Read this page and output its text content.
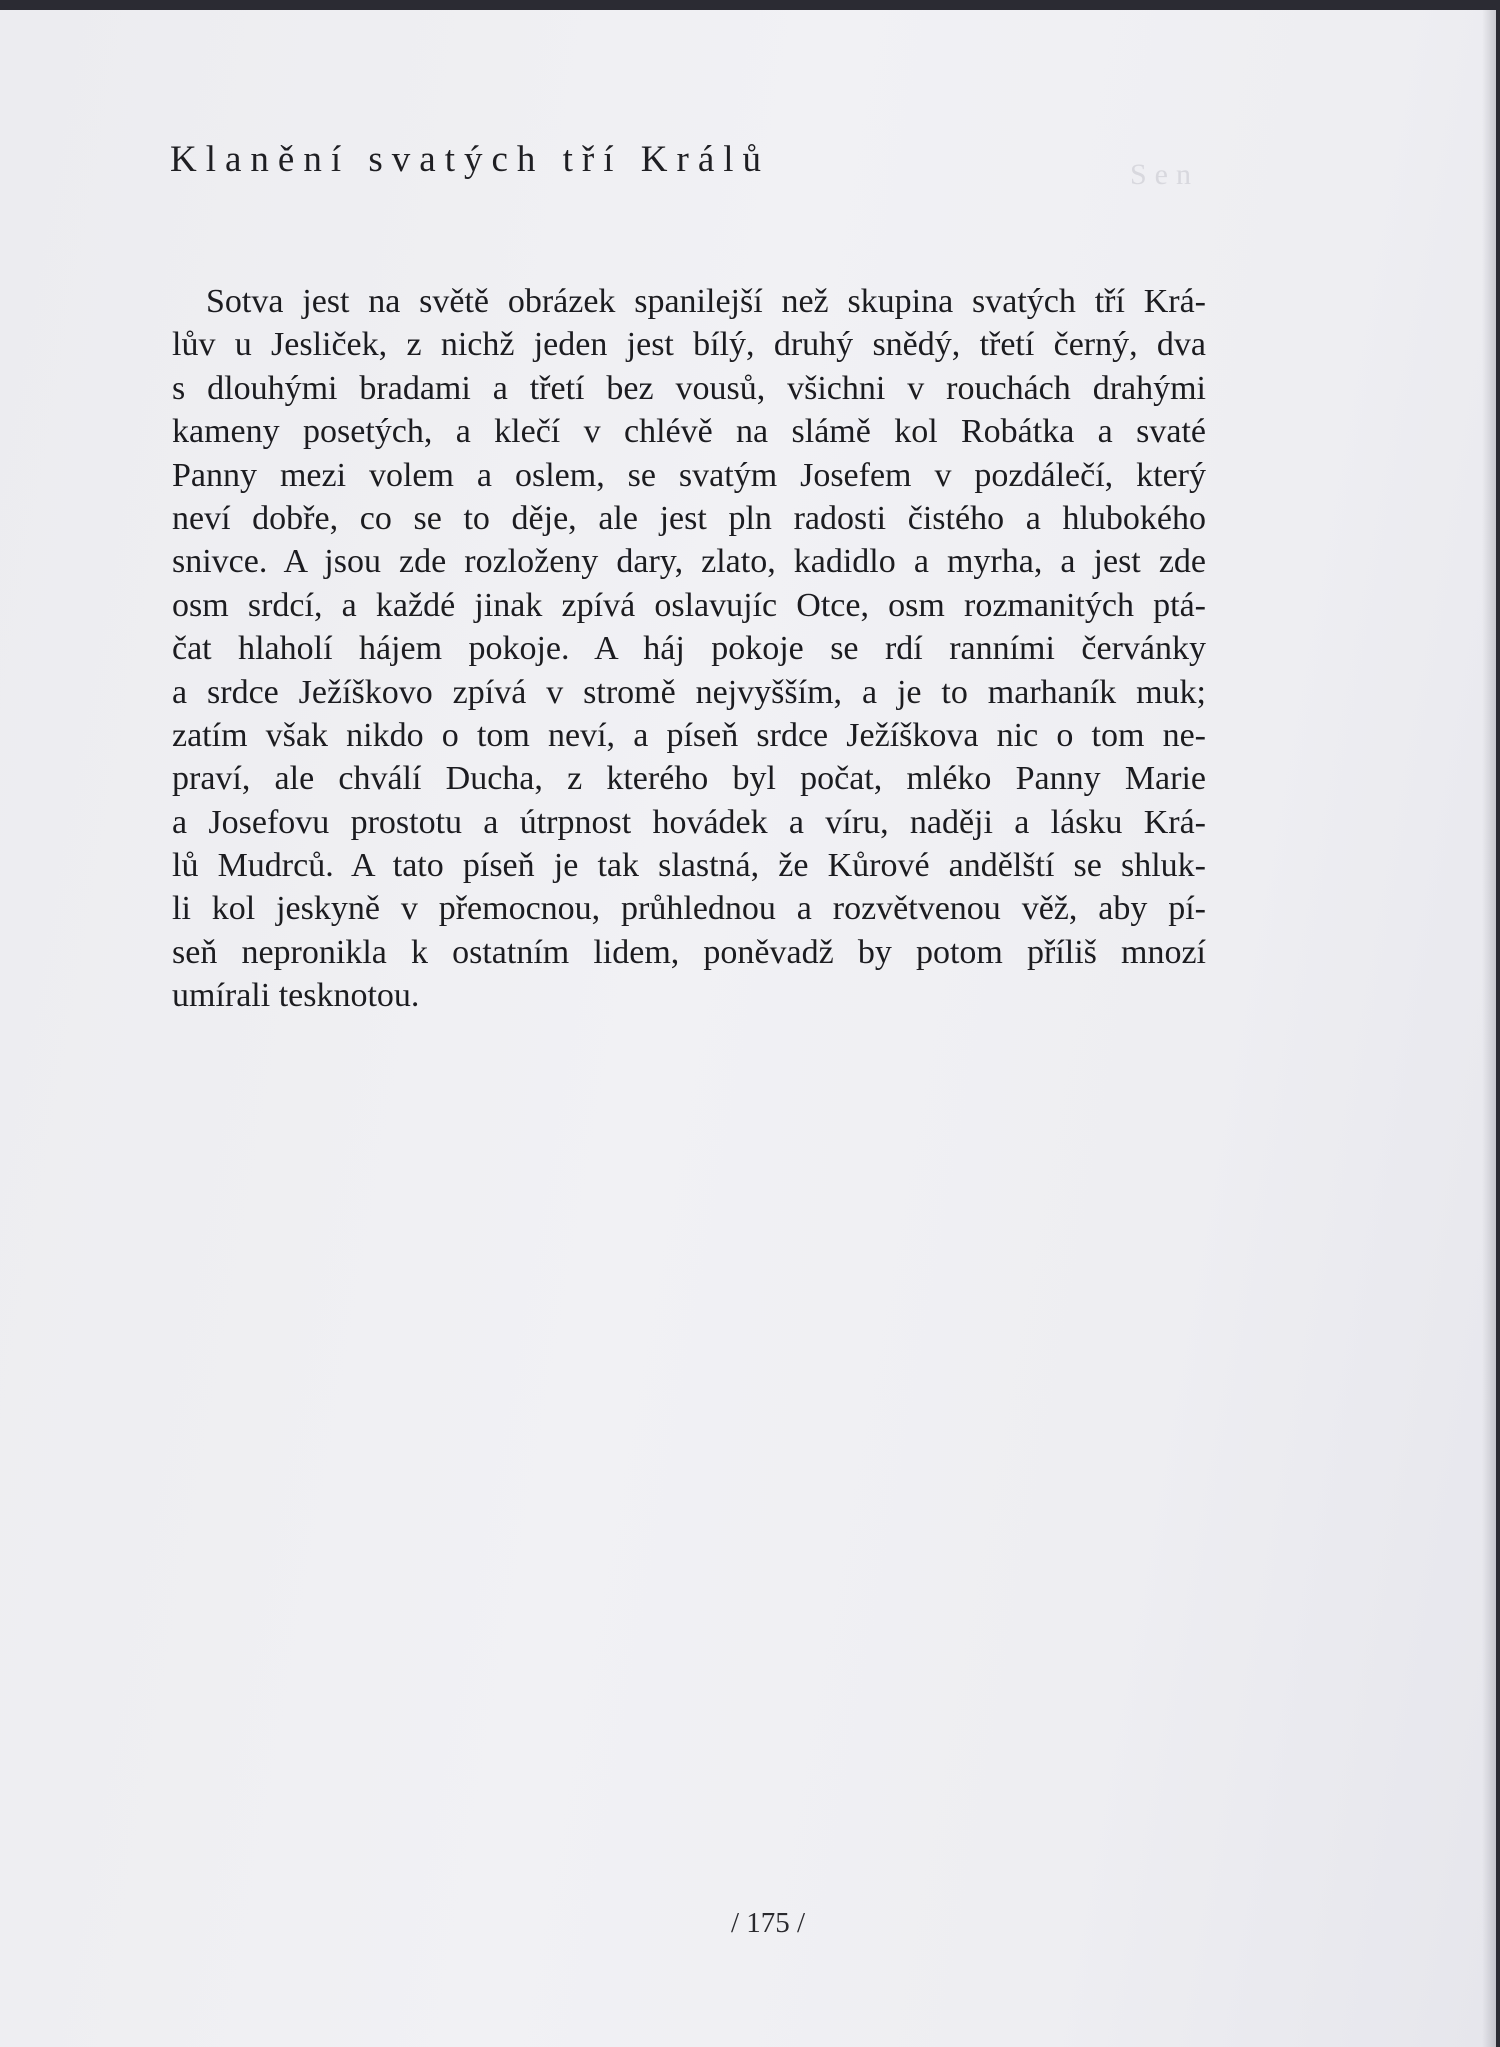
Sen
Klanění svatých tří Králů
Sotva jest na světě obrázek spanilejší než skupina svatých tří Krá-
lův u Jesliček, z nichž jeden jest bílý, druhý snědý, třetí černý, dva
s dlouhými bradami a třetí bez vousů, všichni v rouchách drahými
kameny posetých, a klečí v chlévě na slámě kol Robátka a svaté
Panny mezi volem a oslem, se svatým Josefem v pozdálečí, který
neví dobře, co se to děje, ale jest pln radosti čistého a hlubokého
snivce. A jsou zde rozloženy dary, zlato, kadidlo a myrha, a jest zde
osm srdcí, a každé jinak zpívá oslavujíc Otce, osm rozmanitých ptá-
čat hlaholí hájem pokoje. A háj pokoje se rdí ranními červánky
a srdce Ježíškovo zpívá v stromě nejvyšším, a je to marhaník muk;
zatím však nikdo o tom neví, a píseň srdce Ježíškova nic o tom ne-
praví, ale chválí Ducha, z kterého byl počat, mléko Panny Marie
a Josefovu prostotu a útrpnost hovádek a víru, naději a lásku Krá-
lů Mudrců. A tato píseň je tak slastná, že Kůrové andělští se shluk-
li kol jeskyně v přemocnou, průhlednou a rozvětvenou věž, aby pí-
seň nepronikla k ostatním lidem, poněvadž by potom příliš mnozí
umírali tesknotou.
/ 175 /
